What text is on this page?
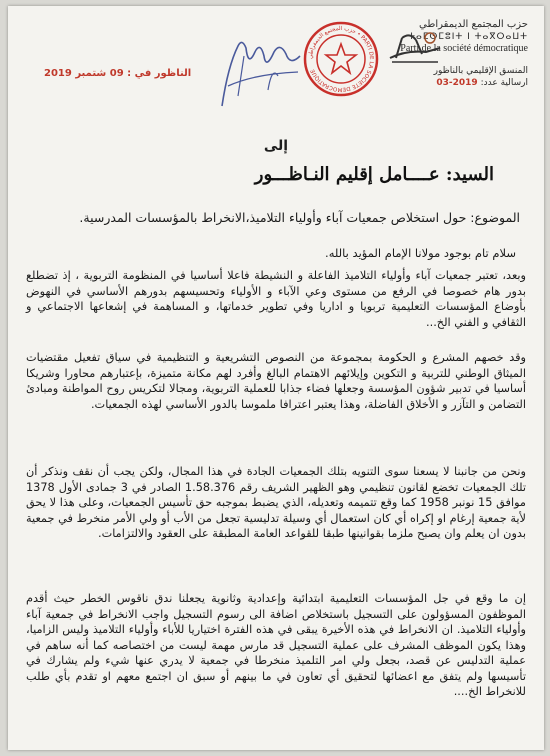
حزب المجتمع الديمقراطي
ⵜⴰⵎⵙⵎⵓⵏⵜ ⵏ ⵜⴰⴳⵔⴰⵡⵜ
Parti de la société démocratique
المنسق الإقليمي بالناظور
ارسالية عدد: 2019-03
حزب المجتمع الديمقراطي • PARTI DE LA SOCIETE DEMOCRATIQUE
الناظور في : 09 شتمبر 2019
إلى
السيد: عــــامل إقليم النـاظـــور
الموضوع: حول استخلاص جمعيات آباء وأولياء التلاميذ،الانخراط بالمؤسسات المدرسية.
سلام تام بوجود مولانا الإمام المؤيد بالله.
وبعد، تعتبر جمعيات آباء وأولياء التلاميذ الفاعلة و النشيطة فاعلا أساسيا في المنظومة التربوية ، إذ تضطلع بدور هام خصوصا في الرفع من مستوى وعي الآباء و الأولياء وتحسيسهم بدورهم الأساسي في النهوض بأوضاع المؤسسات التعليمية تربويا و اداريا وفي تطوير خدماتها، و المساهمة في إشعاعها الاجتماعي و الثقافي و الفني الخ...
وقد خصهم المشرع و الحكومة بمجموعة من النصوص التشريعية و التنظيمية في سياق تفعيل مقتضيات الميثاق الوطني للتربية و التكوين وإيلائهم الاهتمام البالغ وأفرد لهم مكانة متميزة، بإعتبارهم محاورا وشريكا أساسيا في تدبير شؤون المؤسسة وجعلها فضاء جذابا للعملية التربوية، ومجالا لتكريس روح المواطنة ومبادئ التضامن و التآزر و الأخلاق الفاضلة، وهذا يعتبر اعترافا ملموسا بالدور الأساسي لهذه الجمعيات.
ونحن من جانبنا لا يسعنا سوى التنويه بتلك الجمعيات الجادة في هذا المجال، ولكن يجب أن نقف ونذكر أن تلك الجمعيات تخضع لقانون تنظيمي وهو الظهير الشريف رقم 1.58.376 الصادر في 3 جمادى الأول 1378 موافق 15 نونبر 1958 كما وقع تتميمه وتعديله، الذي يضبط بموجبه حق تأسيس الجمعيات، وعلى هذا لا يحق لأية جمعية إرغام او إكراه أي كان استعمال أي وسيلة تدليسية تجعل من الأب أو ولي الأمر منخرط في جمعية بدون ان يعلم وان يصبح ملزما بقوانينها طبقا للقواعد العامة المطبقة على العقود والالتزامات.
إن ما وقع في جل المؤسسات التعليمية ابتدائية وإعدادية وثانوية يجعلنا ندق ناقوس الخطر حيث أقدم الموظفون المسؤولون على التسجيل باستخلاص اضافة الى رسوم التسجيل واجب الانخراط في جمعية آباء وأولياء التلاميذ. ان الانخراط في هذه الأخيرة يبقى في هذه الفترة اختياريا للأباء وأولياء التلاميذ وليس الزاميا، وهذا يكون الموظف المشرف على عملية التسجيل قد مارس مهمة ليست من اختصاصه كما أنه ساهم في عملية التدليس عن قصد، بجعل ولي امر التلميذ منخرطا في جمعية لا يدري عنها شيء ولم يشارك في تأسيسها ولم يتفق مع اعضائها لتحقيق أي تعاون في ما بينهم أو سبق ان اجتمع معهم او تقدم بأي طلب للانخراط الخ....
